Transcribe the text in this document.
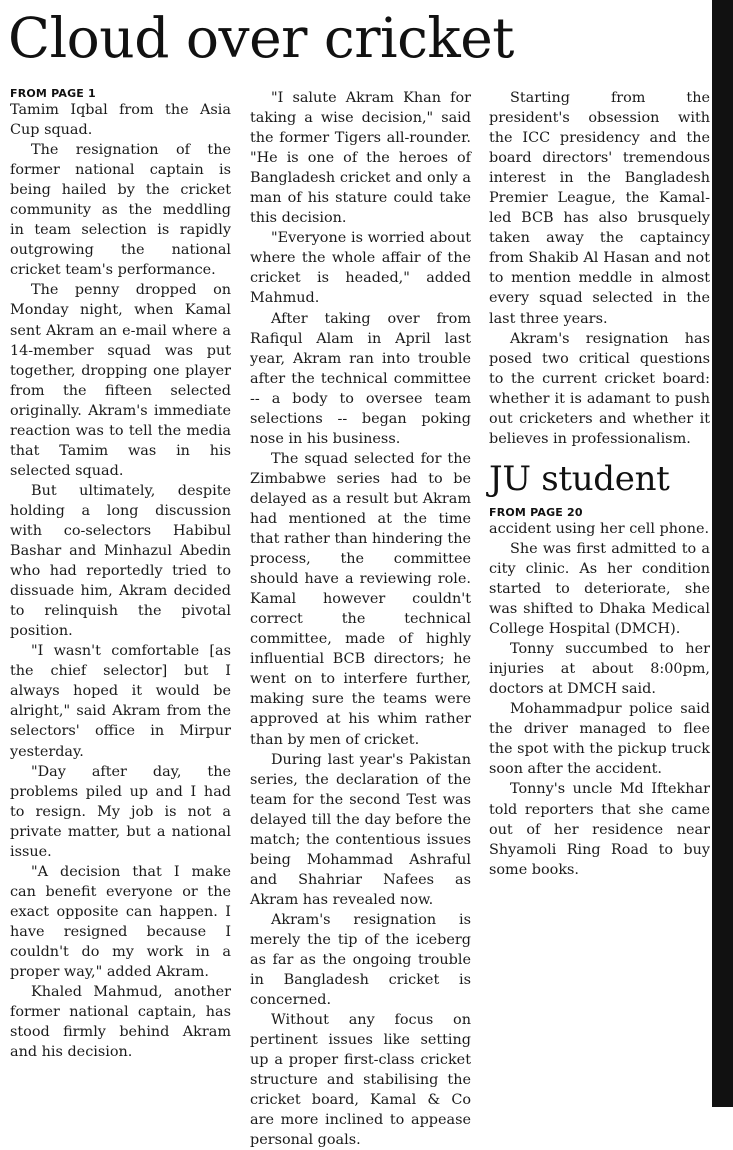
Cloud over cricket
FROM PAGE 1

Tamim Iqbal from the Asia Cup squad.

The resignation of the former national captain is being hailed by the cricket community as the meddling in team selection is rapidly outgrowing the national cricket team's performance.

The penny dropped on Monday night, when Kamal sent Akram an e-mail where a 14-member squad was put together, dropping one player from the fifteen selected originally. Akram's immediate reaction was to tell the media that Tamim was in his selected squad.

But ultimately, despite holding a long discussion with co-selectors Habibul Bashar and Minhazul Abedin who had reportedly tried to dissuade him, Akram decided to relinquish the pivotal position.

"I wasn't comfortable [as the chief selector] but I always hoped it would be alright," said Akram from the selectors' office in Mirpur yesterday.

"Day after day, the problems piled up and I had to resign. My job is not a private matter, but a national issue.

"A decision that I make can benefit everyone or the exact opposite can happen. I have resigned because I couldn't do my work in a proper way," added Akram.

Khaled Mahmud, another former national captain, has stood firmly behind Akram and his decision.

"I salute Akram Khan for taking a wise decision," said the former Tigers all-rounder. "He is one of the heroes of Bangladesh cricket and only a man of his stature could take this decision.

"Everyone is worried about where the whole affair of the cricket is headed," added Mahmud.

After taking over from Rafiqul Alam in April last year, Akram ran into trouble after the technical committee -- a body to oversee team selections -- began poking nose in his business.

The squad selected for the Zimbabwe series had to be delayed as a result but Akram had mentioned at the time that rather than hindering the process, the committee should have a reviewing role. Kamal however couldn't correct the technical committee, made of highly influential BCB directors; he went on to interfere further, making sure the teams were approved at his whim rather than by men of cricket.

During last year's Pakistan series, the declaration of the team for the second Test was delayed till the day before the match; the contentious issues being Mohammad Ashraful and Shahriar Nafees as Akram has revealed now.

Akram's resignation is merely the tip of the iceberg as far as the ongoing trouble in Bangladesh cricket is concerned.

Without any focus on pertinent issues like setting up a proper first-class cricket structure and stabilising the cricket board, Kamal & Co are more inclined to appease personal goals.

Starting from the president's obsession with the ICC presidency and the board directors' tremendous interest in the Bangladesh Premier League, the Kamal-led BCB has also brusquely taken away the captaincy from Shakib Al Hasan and not to mention meddle in almost every squad selected in the last three years.

Akram's resignation has posed two critical questions to the current cricket board: whether it is adamant to push out cricketers and whether it believes in professionalism.

JU student
FROM PAGE 20

accident using her cell phone.

She was first admitted to a city clinic. As her condition started to deteriorate, she was shifted to Dhaka Medical College Hospital (DMCH).

Tonny succumbed to her injuries at about 8:00pm, doctors at DMCH said.

Mohammadpur police said the driver managed to flee the spot with the pickup truck soon after the accident.

Tonny's uncle Md Iftekhar told reporters that she came out of her residence near Shyamoli Ring Road to buy some books.
